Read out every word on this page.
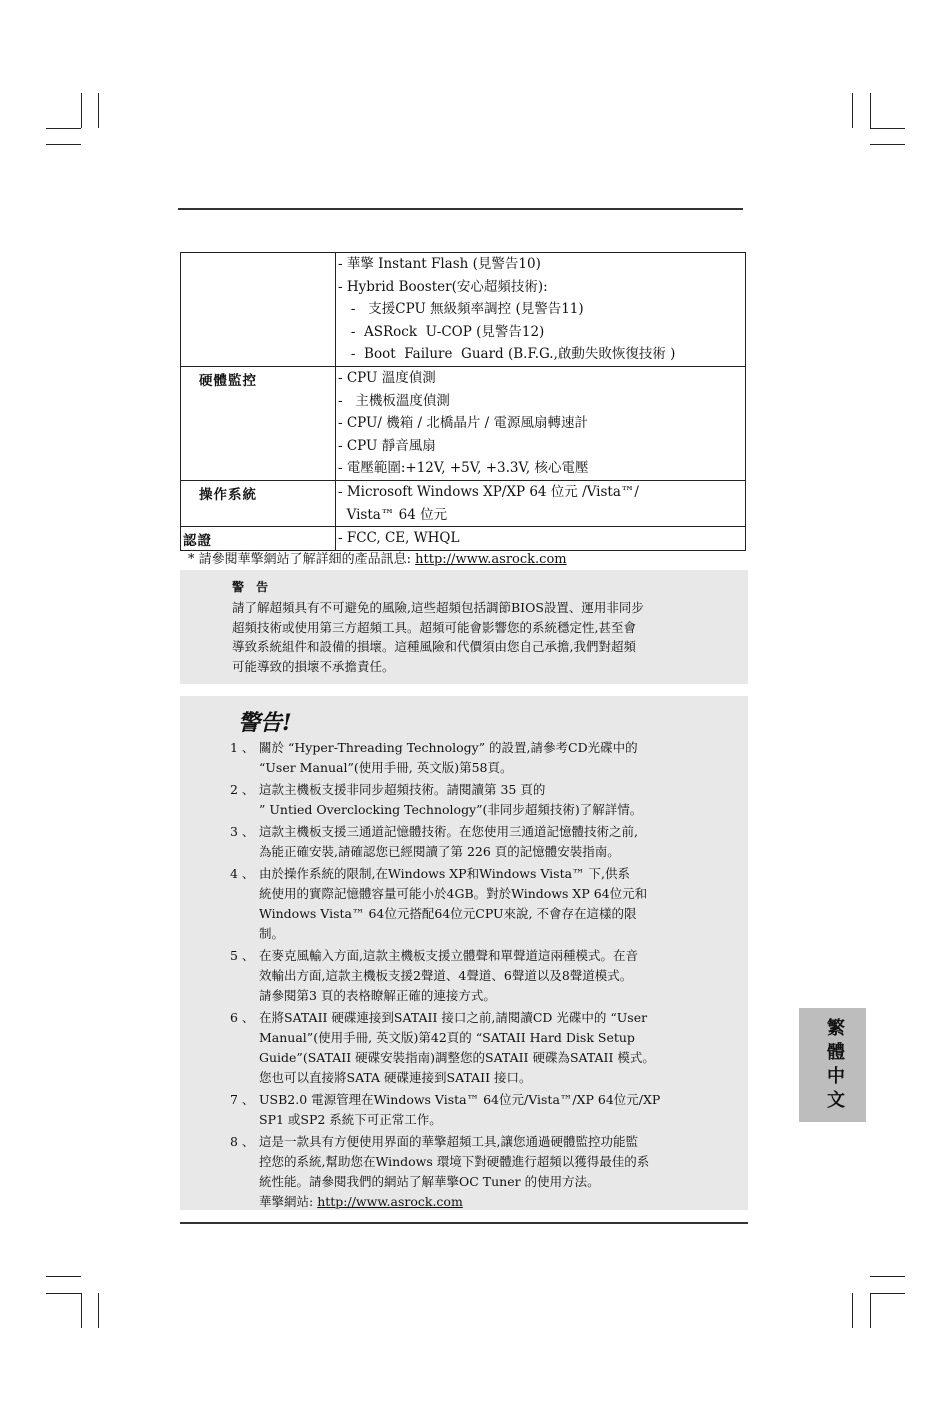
	- 華擎 Instant Flash (見警告10)
- Hybrid Booster(安心超頻技術):
-   支援CPU 無級頻率調控 (見警告11)
-  ASRock  U-COP (見警告12)
-  Boot  Failure  Guard (B.F.G.,啟動失敗恢復技術 )

硬體監控	- CPU 溫度偵測
-   主機板溫度偵測
- CPU/ 機箱 / 北橋晶片 / 電源風扇轉速計
- CPU 靜音風扇
- 電壓範圍:+12V, +5V, +3.3V, 核心電壓

操作系統	- Microsoft Windows XP/XP 64 位元 /Vista™/
Vista™ 64 位元

認證	- FCC, CE, WHQL
* 請參閱華擎網站了解詳細的產品訊息: http://www.asrock.com
警 告
請了解超頻具有不可避免的風險,這些超頻包括調節BIOS設置、運用非同步
超頻技術或使用第三方超頻工具。超頻可能會影響您的系統穩定性,甚至會
導致系統組件和設備的損壞。這種風險和代價須由您自己承擔,我們對超頻
可能導致的損壞不承擔責任。
警告!
1 、 關於 “Hyper-Threading Technology” 的設置,請參考CD光碟中的
“User Manual”(使用手冊, 英文版)第58頁。
2 、 這款主機板支援非同步超頻技術。請閱讀第 35 頁的
” Untied Overclocking Technology”(非同步超頻技術)了解詳情。
3 、 這款主機板支援三通道記憶體技術。在您使用三通道記憶體技術之前,
為能正確安裝,請確認您已經閱讀了第 226 頁的記憶體安裝指南。
4 、 由於操作系統的限制,在Windows XP和Windows Vista™ 下,供系
統使用的實際記憶體容量可能小於4GB。對於Windows XP 64位元和
Windows Vista™ 64位元搭配64位元CPU來說, 不會存在這樣的限
制。
5 、 在麥克風輸入方面,這款主機板支援立體聲和單聲道這兩種模式。在音
效輸出方面,這款主機板支援2聲道、4聲道、6聲道以及8聲道模式。
請參閱第3 頁的表格瞭解正確的連接方式。
6 、 在將SATAII 硬碟連接到SATAII 接口之前,請閱讀CD 光碟中的 “User
Manual”(使用手冊, 英文版)第42頁的 “SATAII Hard Disk Setup
Guide”(SATAII 硬碟安裝指南)調整您的SATAII 硬碟為SATAII 模式。
您也可以直接將SATA 硬碟連接到SATAII 接口。
7 、 USB2.0 電源管理在Windows Vista™ 64位元/Vista™/XP 64位元/XP
SP1 或SP2 系統下可正常工作。
8 、 這是一款具有方便使用界面的華擎超頻工具,讓您通過硬體監控功能監
控您的系統,幫助您在Windows 環境下對硬體進行超頻以獲得最佳的系
統性能。請參閱我們的網站了解華擎OC Tuner 的使用方法。
華擎網站: http://www.asrock.com
繁體中文
